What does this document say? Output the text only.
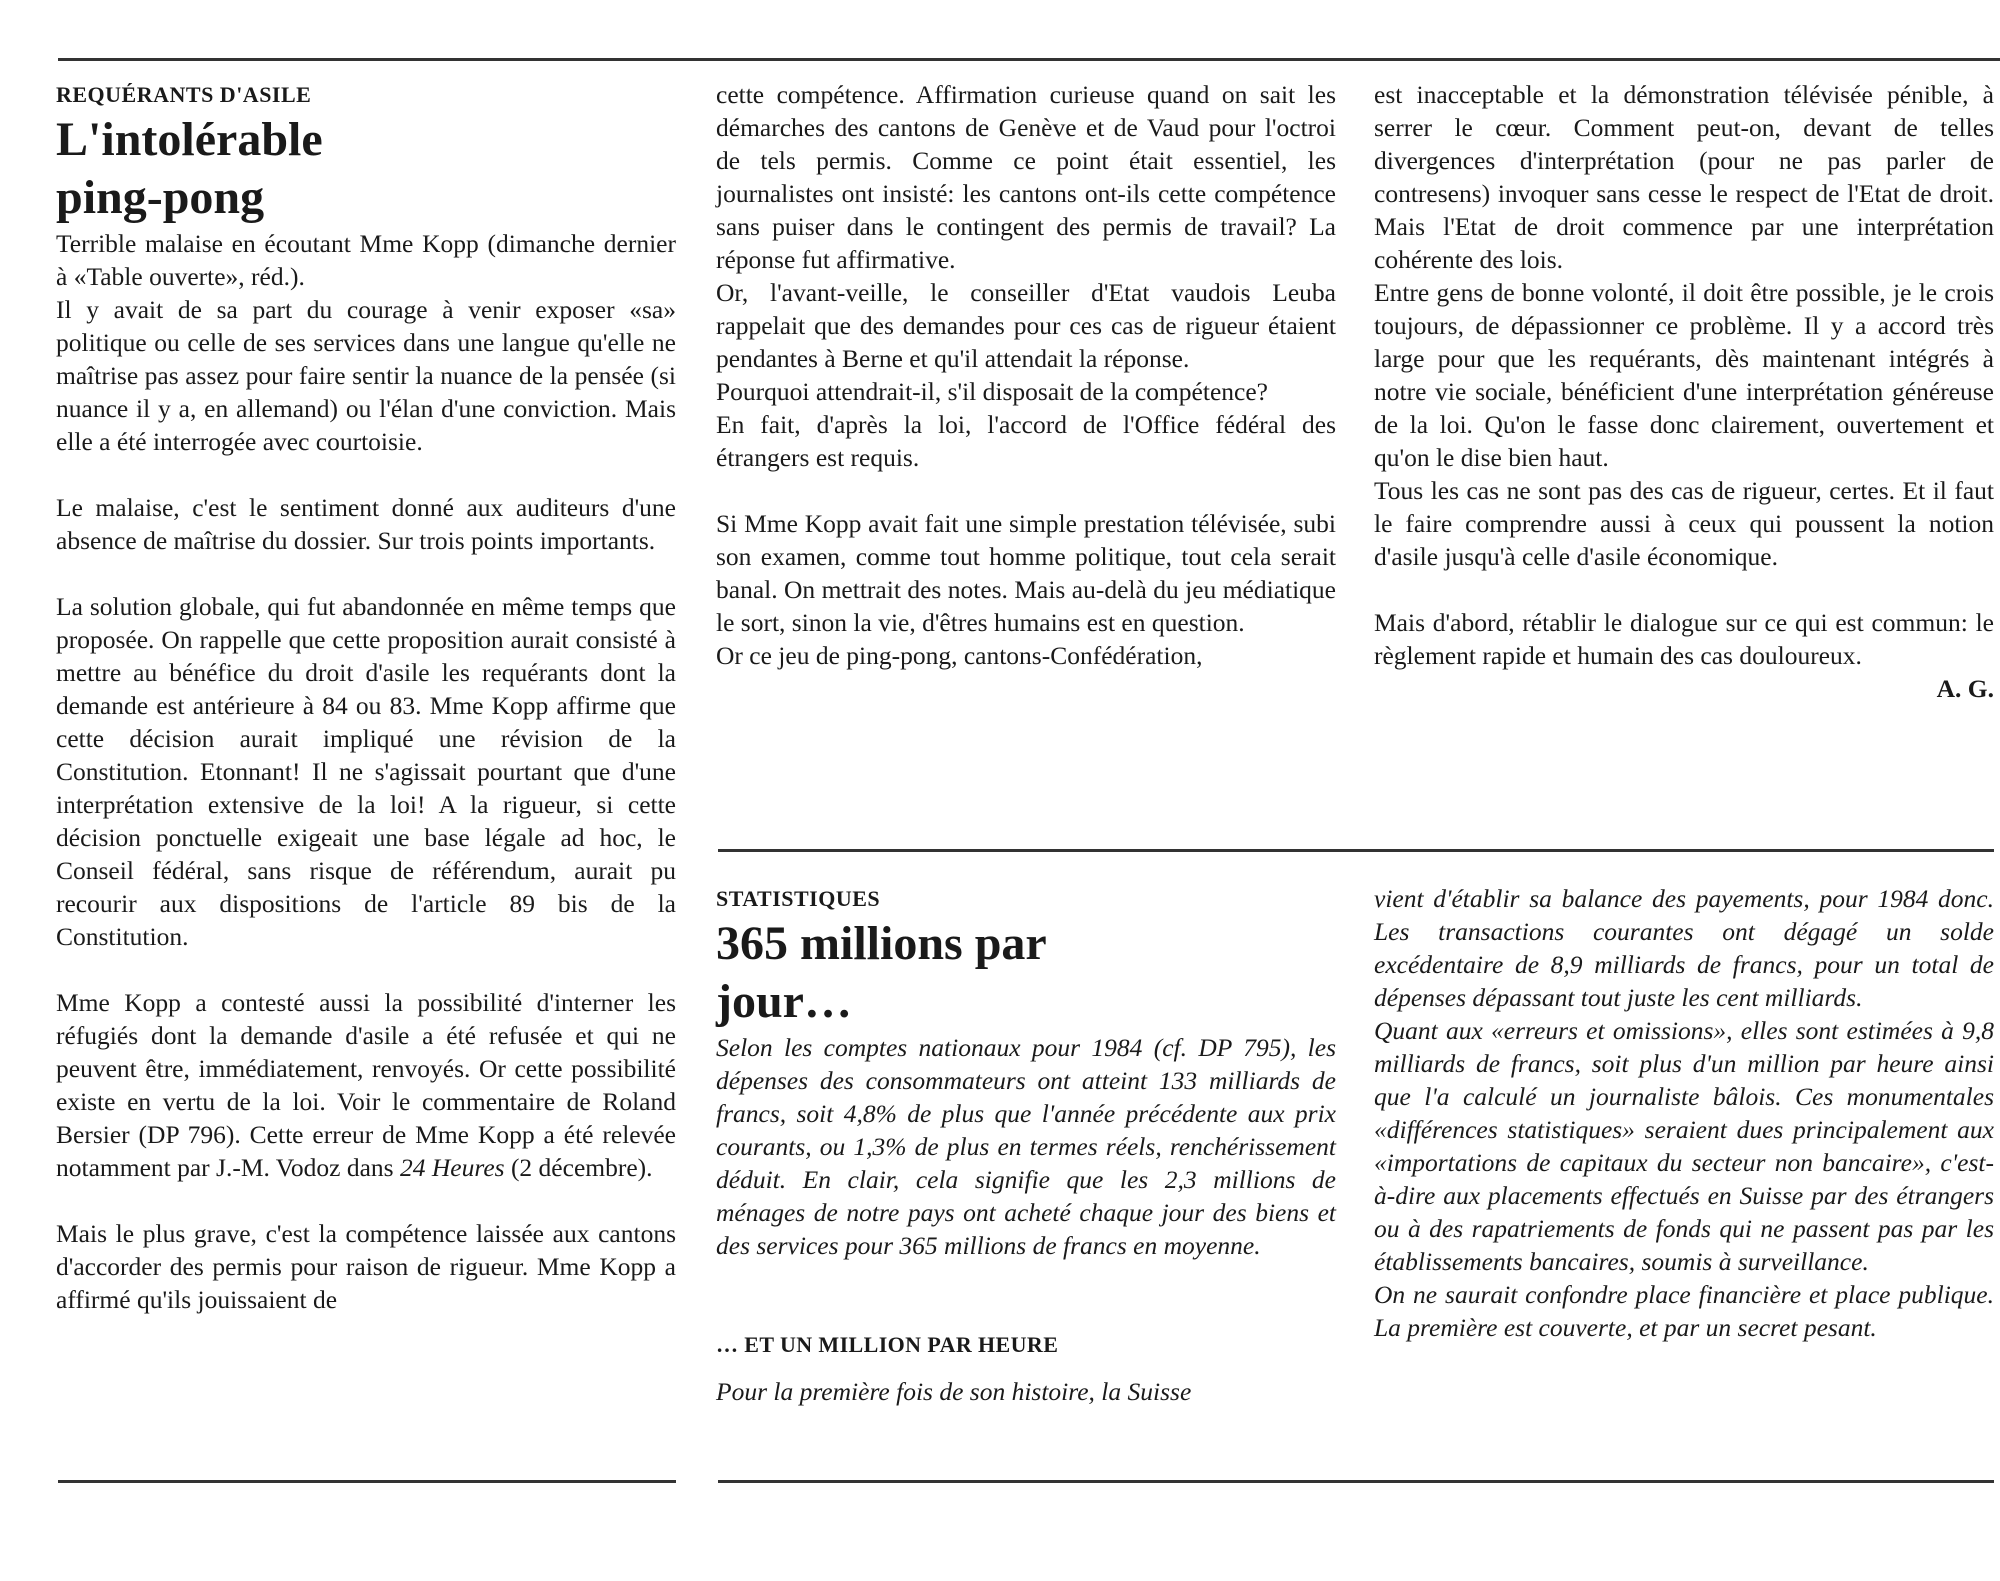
REQUÉRANTS D'ASILE

L'intolérable ping-pong

Terrible malaise en écoutant Mme Kopp (dimanche dernier à «Table ouverte», réd.).

Il y avait de sa part du courage à venir exposer «sa» politique ou celle de ses services dans une langue qu'elle ne maîtrise pas assez pour faire sentir la nuance de la pensée (si nuance il y a, en allemand) ou l'élan d'une conviction. Mais elle a été interrogée avec courtoisie.

Le malaise, c'est le sentiment donné aux auditeurs d'une absence de maîtrise du dossier. Sur trois points importants.

La solution globale, qui fut abandonnée en même temps que proposée. On rappelle que cette proposition aurait consisté à mettre au bénéfice du droit d'asile les requérants dont la demande est antérieure à 84 ou 83. Mme Kopp affirme que cette décision aurait impliqué une révision de la Constitution. Etonnant! Il ne s'agissait pourtant que d'une interprétation extensive de la loi! A la rigueur, si cette décision ponctuelle exigeait une base légale ad hoc, le Conseil fédéral, sans risque de référendum, aurait pu recourir aux dispositions de l'article 89 bis de la Constitution.

Mme Kopp a contesté aussi la possibilité d'interner les réfugiés dont la demande d'asile a été refusée et qui ne peuvent être, immédiatement, renvoyés. Or cette possibilité existe en vertu de la loi. Voir le commentaire de Roland Bersier (DP 796). Cette erreur de Mme Kopp a été relevée notamment par J.-M. Vodoz dans 24 Heures (2 décembre).

Mais le plus grave, c'est la compétence laissée aux cantons d'accorder des permis pour raison de rigueur. Mme Kopp a affirmé qu'ils jouissaient de

cette compétence. Affirmation curieuse quand on sait les démarches des cantons de Genève et de Vaud pour l'octroi de tels permis. Comme ce point était essentiel, les journalistes ont insisté: les cantons ont-ils cette compétence sans puiser dans le contingent des permis de travail? La réponse fut affirmative.

Or, l'avant-veille, le conseiller d'Etat vaudois Leuba rappelait que des demandes pour ces cas de rigueur étaient pendantes à Berne et qu'il attendait la réponse.

Pourquoi attendrait-il, s'il disposait de la compétence?

En fait, d'après la loi, l'accord de l'Office fédéral des étrangers est requis.

Si Mme Kopp avait fait une simple prestation télévisée, subi son examen, comme tout homme politique, tout cela serait banal. On mettrait des notes. Mais au-delà du jeu médiatique le sort, sinon la vie, d'êtres humains est en question.

Or ce jeu de ping-pong, cantons-Confédération,

est inacceptable et la démonstration télévisée pénible, à serrer le cœur. Comment peut-on, devant de telles divergences d'interprétation (pour ne pas parler de contresens) invoquer sans cesse le respect de l'Etat de droit. Mais l'Etat de droit commence par une interprétation cohérente des lois.

Entre gens de bonne volonté, il doit être possible, je le crois toujours, de dépassionner ce problème. Il y a accord très large pour que les requérants, dès maintenant intégrés à notre vie sociale, bénéficient d'une interprétation généreuse de la loi. Qu'on le fasse donc clairement, ouvertement et qu'on le dise bien haut.

Tous les cas ne sont pas des cas de rigueur, certes. Et il faut le faire comprendre aussi à ceux qui poussent la notion d'asile jusqu'à celle d'asile économique.

Mais d'abord, rétablir le dialogue sur ce qui est commun: le règlement rapide et humain des cas douloureux.

A. G.

STATISTIQUES

365 millions par jour…

Selon les comptes nationaux pour 1984 (cf. DP 795), les dépenses des consommateurs ont atteint 133 milliards de francs, soit 4,8% de plus que l'année précédente aux prix courants, ou 1,3% de plus en termes réels, renchérissement déduit. En clair, cela signifie que les 2,3 millions de ménages de notre pays ont acheté chaque jour des biens et des services pour 365 millions de francs en moyenne.

… ET UN MILLION PAR HEURE

Pour la première fois de son histoire, la Suisse

vient d'établir sa balance des payements, pour 1984 donc. Les transactions courantes ont dégagé un solde excédentaire de 8,9 milliards de francs, pour un total de dépenses dépassant tout juste les cent milliards.

Quant aux «erreurs et omissions», elles sont estimées à 9,8 milliards de francs, soit plus d'un million par heure ainsi que l'a calculé un journaliste bâlois. Ces monumentales «différences statistiques» seraient dues principalement aux «importations de capitaux du secteur non bancaire», c'est-à-dire aux placements effectués en Suisse par des étrangers ou à des rapatriements de fonds qui ne passent pas par les établissements bancaires, soumis à surveillance.

On ne saurait confondre place financière et place publique. La première est couverte, et par un secret pesant.
